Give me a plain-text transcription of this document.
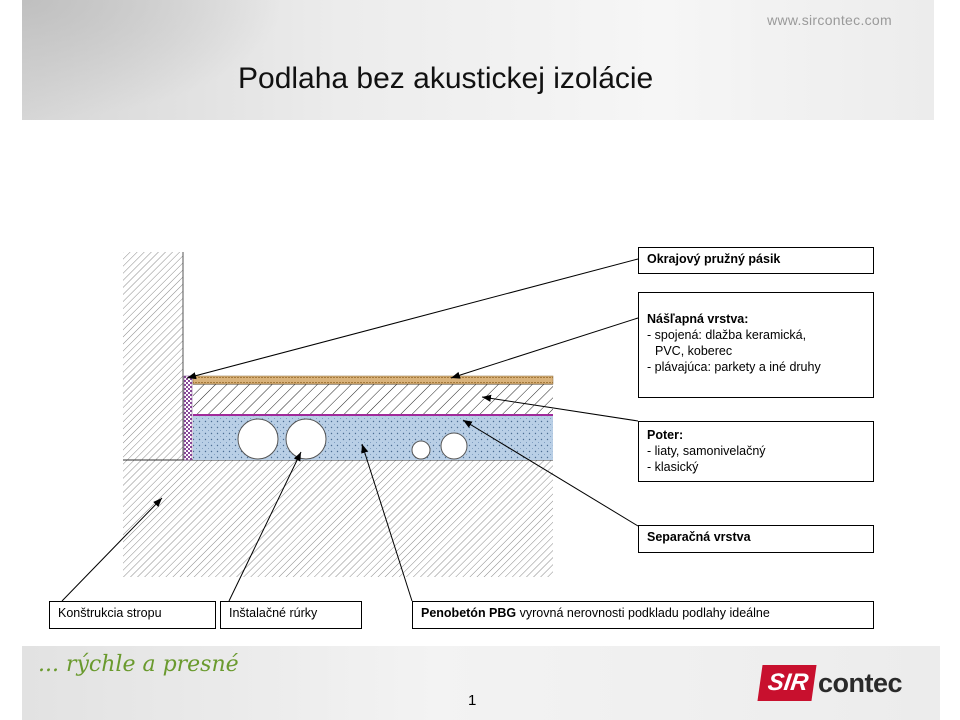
www.sircontec.com
Podlaha bez akustickej izolácie
Okrajový pružný pásik
Nášľapná vrstva:
- spojená: dlažba keramická,
PVC, koberec
- plávajúca: parkety a iné druhy
Poter:
- liaty, samonivelačný
- klasický
Separačná vrstva
Konštrukcia stropu	Inštalačné rúrky	Penobetón PBG vyrovná nerovnosti podkladu podlahy ideálne
... rýchle a presné
1
SIR contec
